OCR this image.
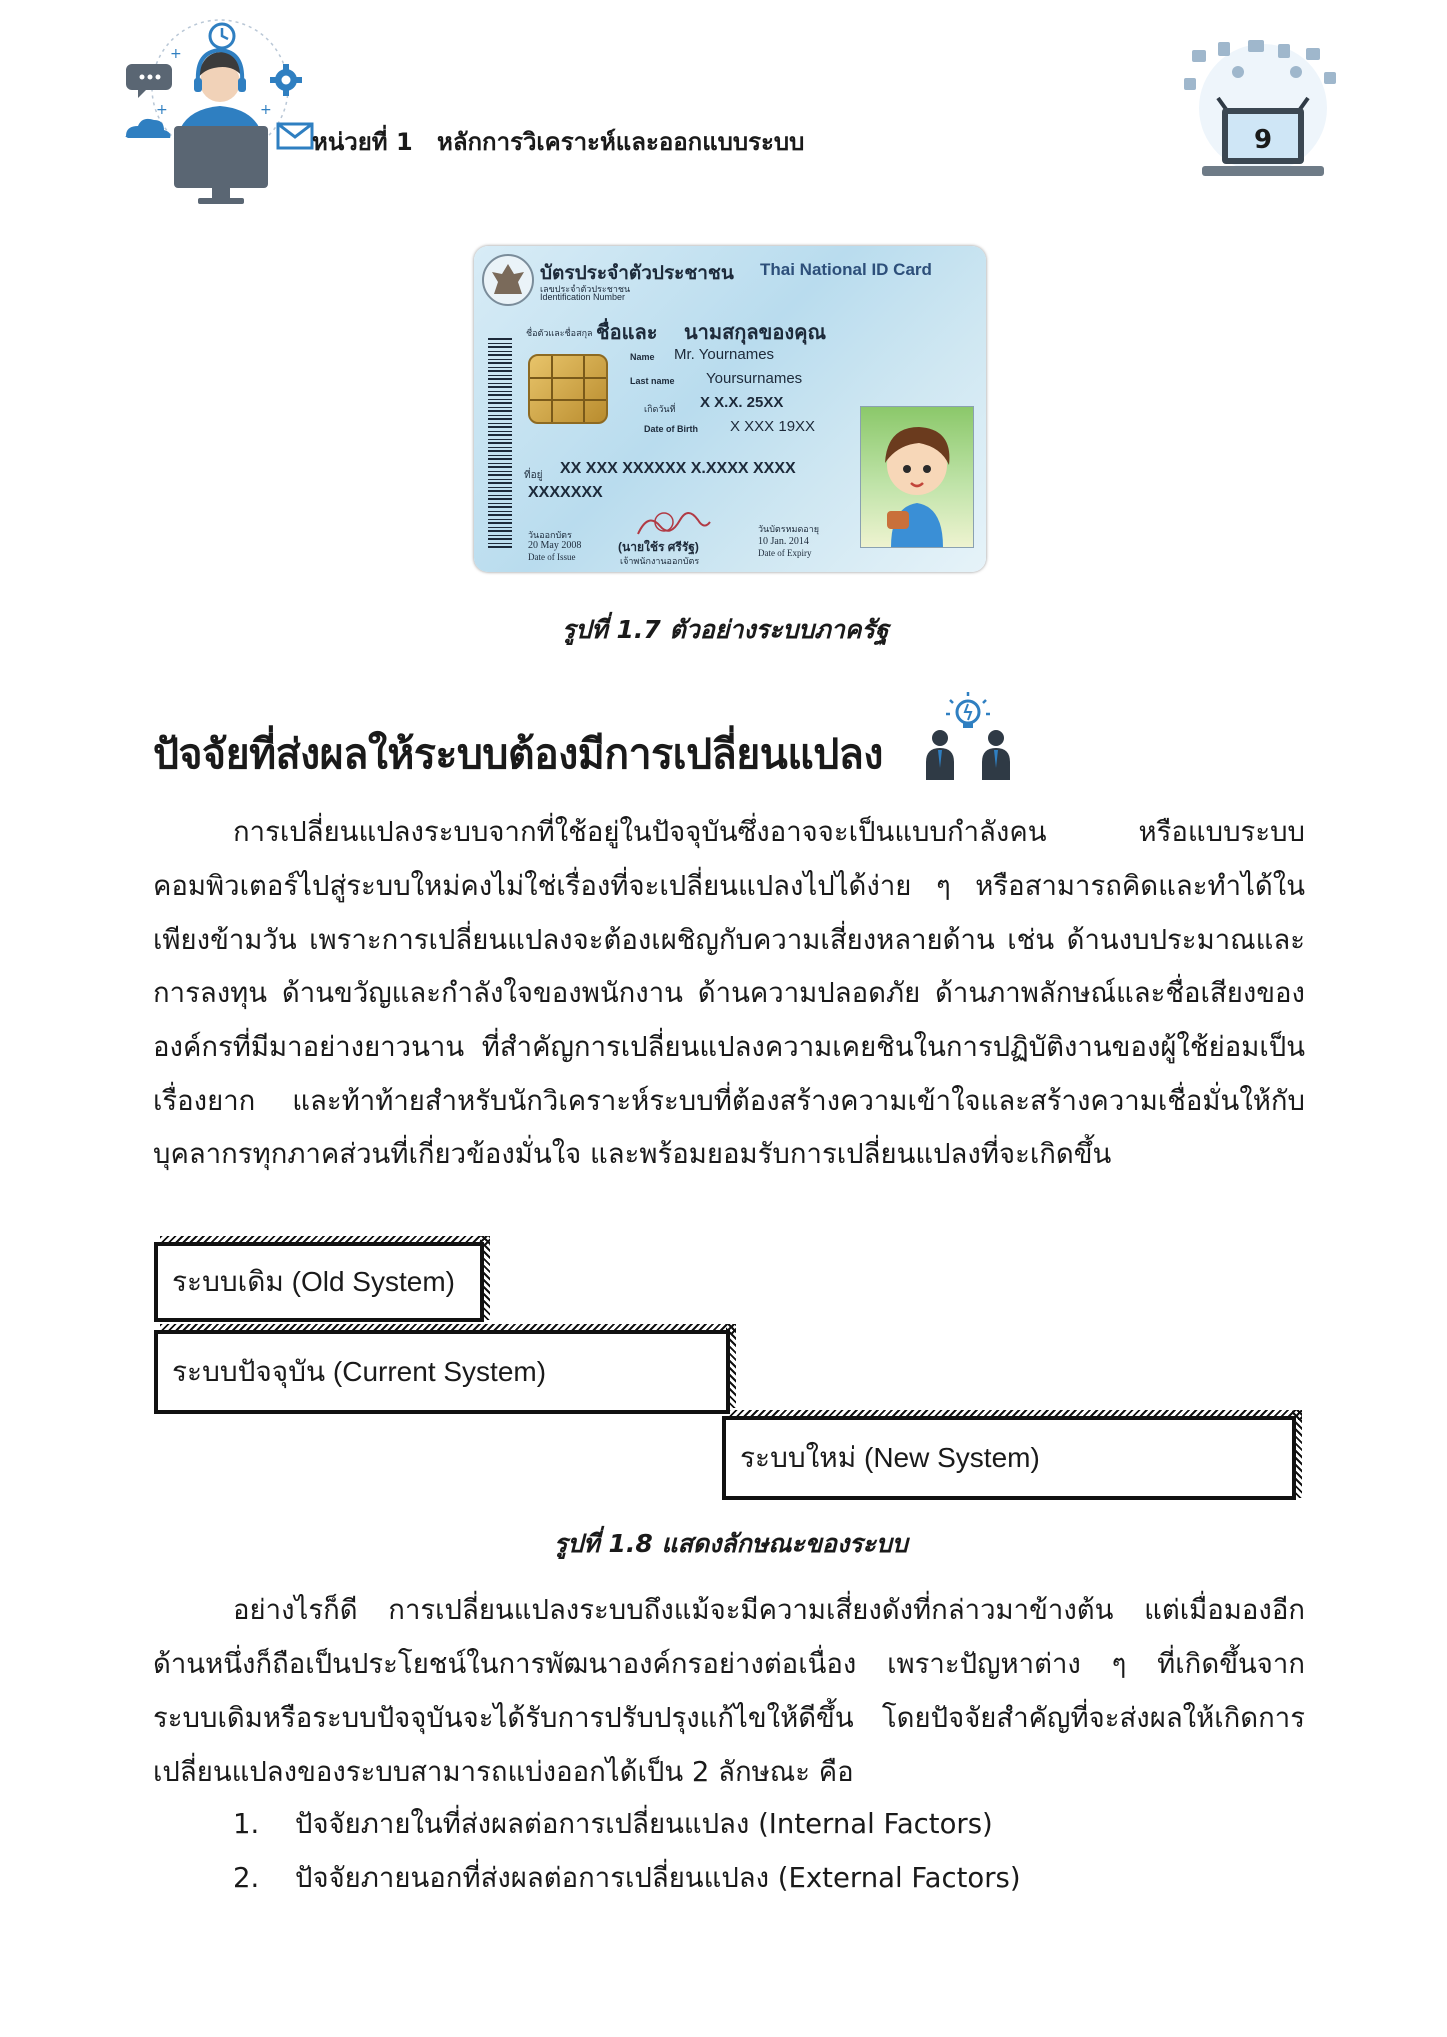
+
+
+
หน่วยที่ 1 หลักการวิเคราะห์และออกแบบระบบ	9
บัตรประจำตัวประชาชน Thai National ID Card
เลขประจำตัวประชาชน
Identification Number
ชื่อตัวและชื่อสกุล ชื่อและ นามสกุลของคุณ
Name Mr. Yournames
Last name Yoursurnames
เกิดวันที่ X X.X. 25XX
Date of Birth X XXX 19XX
ที่อยู่ XX XXX XXXXXX X.XXXX XXXX
XXXXXXX
วันออกบัตร
20 May 2008
Date of Issue
(นายใช้ร ศรีรัฐ)
เจ้าพนักงานออกบัตร
วันบัตรหมดอายุ
10 Jan. 2014
Date of Expiry
รูปที่ 1.7 ตัวอย่างระบบภาครัฐ
ปัจจัยที่ส่งผลให้ระบบต้องมีการเปลี่ยนแปลง
การเปลี่ยนแปลงระบบจากที่ใช้อยู่ในปัจจุบันซึ่งอาจจะเป็นแบบกำลังคน หรือแบบระบบ
คอมพิวเตอร์ไปสู่ระบบใหม่คงไม่ใช่เรื่องที่จะเปลี่ยนแปลงไปได้ง่าย ๆ หรือสามารถคิดและทำได้ใน
เพียงข้ามวัน เพราะการเปลี่ยนแปลงจะต้องเผชิญกับความเสี่ยงหลายด้าน เช่น ด้านงบประมาณและ
การลงทุน ด้านขวัญและกำลังใจของพนักงาน ด้านความปลอดภัย ด้านภาพลักษณ์และชื่อเสียงของ
องค์กรที่มีมาอย่างยาวนาน ที่สำคัญการเปลี่ยนแปลงความเคยชินในการปฏิบัติงานของผู้ใช้ย่อมเป็น
เรื่องยาก และท้าท้ายสำหรับนักวิเคราะห์ระบบที่ต้องสร้างความเข้าใจและสร้างความเชื่อมั่นให้กับ
บุคลากรทุกภาคส่วนที่เกี่ยวข้องมั่นใจ และพร้อมยอมรับการเปลี่ยนแปลงที่จะเกิดขึ้น
ระบบเดิม (Old System)
ระบบปัจจุบัน (Current System)
ระบบใหม่ (New System)
รูปที่ 1.8 แสดงลักษณะของระบบ
อย่างไรก็ดี การเปลี่ยนแปลงระบบถึงแม้จะมีความเสี่ยงดังที่กล่าวมาข้างต้น แต่เมื่อมองอีก
ด้านหนึ่งก็ถือเป็นประโยชน์ในการพัฒนาองค์กรอย่างต่อเนื่อง เพราะปัญหาต่าง ๆ ที่เกิดขึ้นจาก
ระบบเดิมหรือระบบปัจจุบันจะได้รับการปรับปรุงแก้ไขให้ดีขึ้น โดยปัจจัยสำคัญที่จะส่งผลให้เกิดการ
เปลี่ยนแปลงของระบบสามารถแบ่งออกได้เป็น 2 ลักษณะ คือ
1. ปัจจัยภายในที่ส่งผลต่อการเปลี่ยนแปลง (Internal Factors)
2. ปัจจัยภายนอกที่ส่งผลต่อการเปลี่ยนแปลง (External Factors)
